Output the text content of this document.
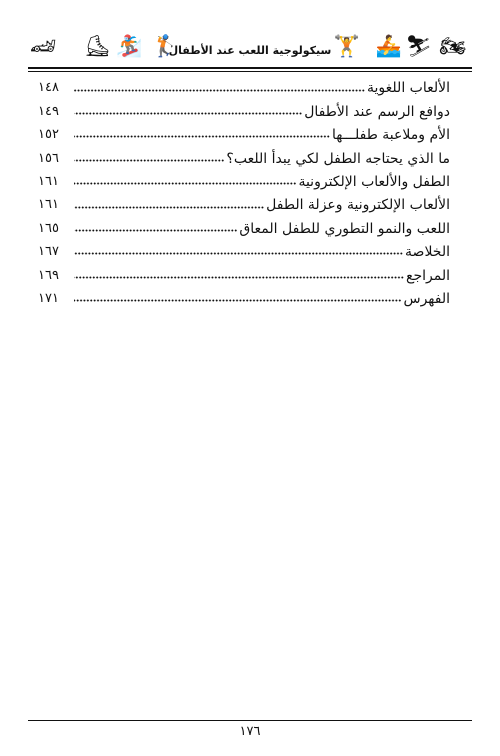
🏍
⛷
🚣
🏋
سيكولوجية اللعب عند الأطفال
🏌
🏂
⛸
🏎
الألعاب اللغوية
١٤٨
دوافع الرسم عند الأطفال
١٤٩
الأم وملاعبة طفلـــها
١٥٢
ما الذي يحتاجه الطفل لكي يبدأ اللعب؟
١٥٦
الطفل والألعاب الإلكترونية
١٦١
الألعاب الإلكترونية وعزلة الطفل
١٦١
اللعب والنمو التطوري للطفل المعاق
١٦٥
الخلاصة
١٦٧
المراجع
١٦٩
الفهرس
١٧١
١٧٦
